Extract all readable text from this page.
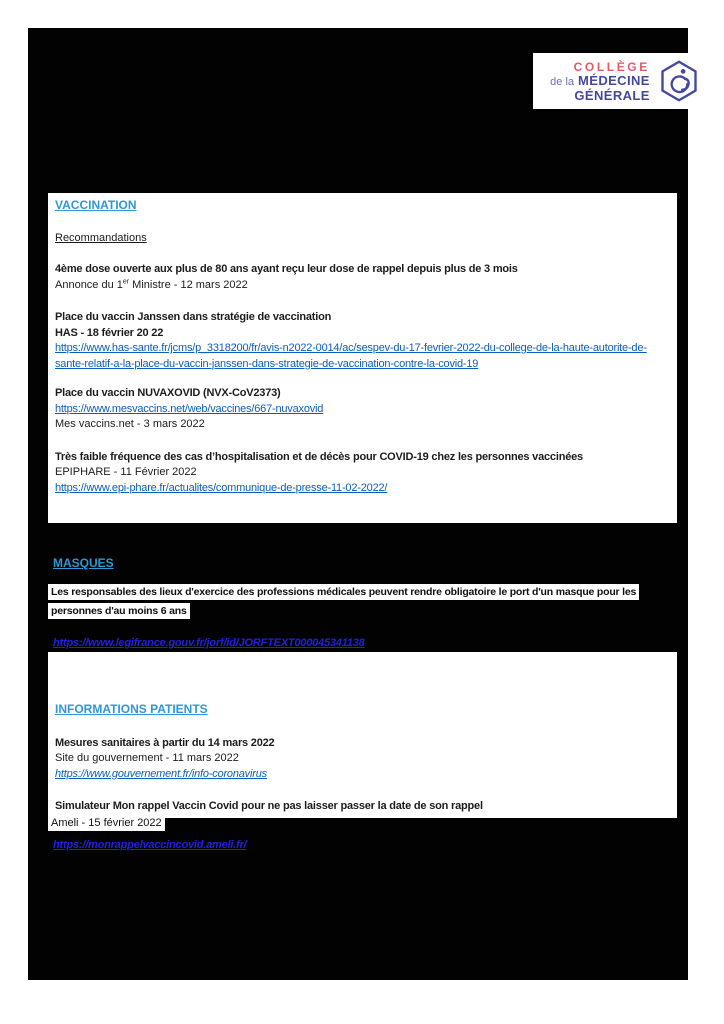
COLLÈGE
de la MÉDECINE
GÉNÉRALE

VACCINATION

Recommandations

4ème dose ouverte aux plus de 80 ans ayant reçu leur dose de rappel depuis plus de 3 mois

Annonce du 1er Ministre - 12 mars 2022

Place du vaccin Janssen dans stratégie de vaccination

HAS - 18 février 20 22

https://www.has-sante.fr/jcms/p_3318200/fr/avis-n2022-0014/ac/sespev-du-17-fevrier-2022-du-college-de-la-haute-autorite-de-sante-relatif-a-la-place-du-vaccin-janssen-dans-strategie-de-vaccination-contre-la-covid-19

Place du vaccin NUVAXOVID (NVX-CoV2373)

https://www.mesvaccins.net/web/vaccines/667-nuvaxovid

Mes vaccins.net - 3 mars 2022

Très faible fréquence des cas d’hospitalisation et de décès pour COVID-19 chez les personnes vaccinées

EPIPHARE - 11 Février 2022

https://www.epi-phare.fr/actualites/communique-de-presse-11-02-2022/

MASQUES

Les responsables des lieux d'exercice des professions médicales peuvent rendre obligatoire le port d'un masque pour les personnes d'au moins 6 ans

https://www.legifrance.gouv.fr/jorf/id/JORFTEXT000045341138

INFORMATIONS PATIENTS

Mesures sanitaires à partir du 14 mars 2022

Site du gouvernement - 11 mars 2022

https://www.gouvernement.fr/info-coronavirus

Simulateur Mon rappel Vaccin Covid pour ne pas laisser passer la date de son rappel

Ameli - 15 février 2022

https://monrappelvaccincovid.ameli.fr/
